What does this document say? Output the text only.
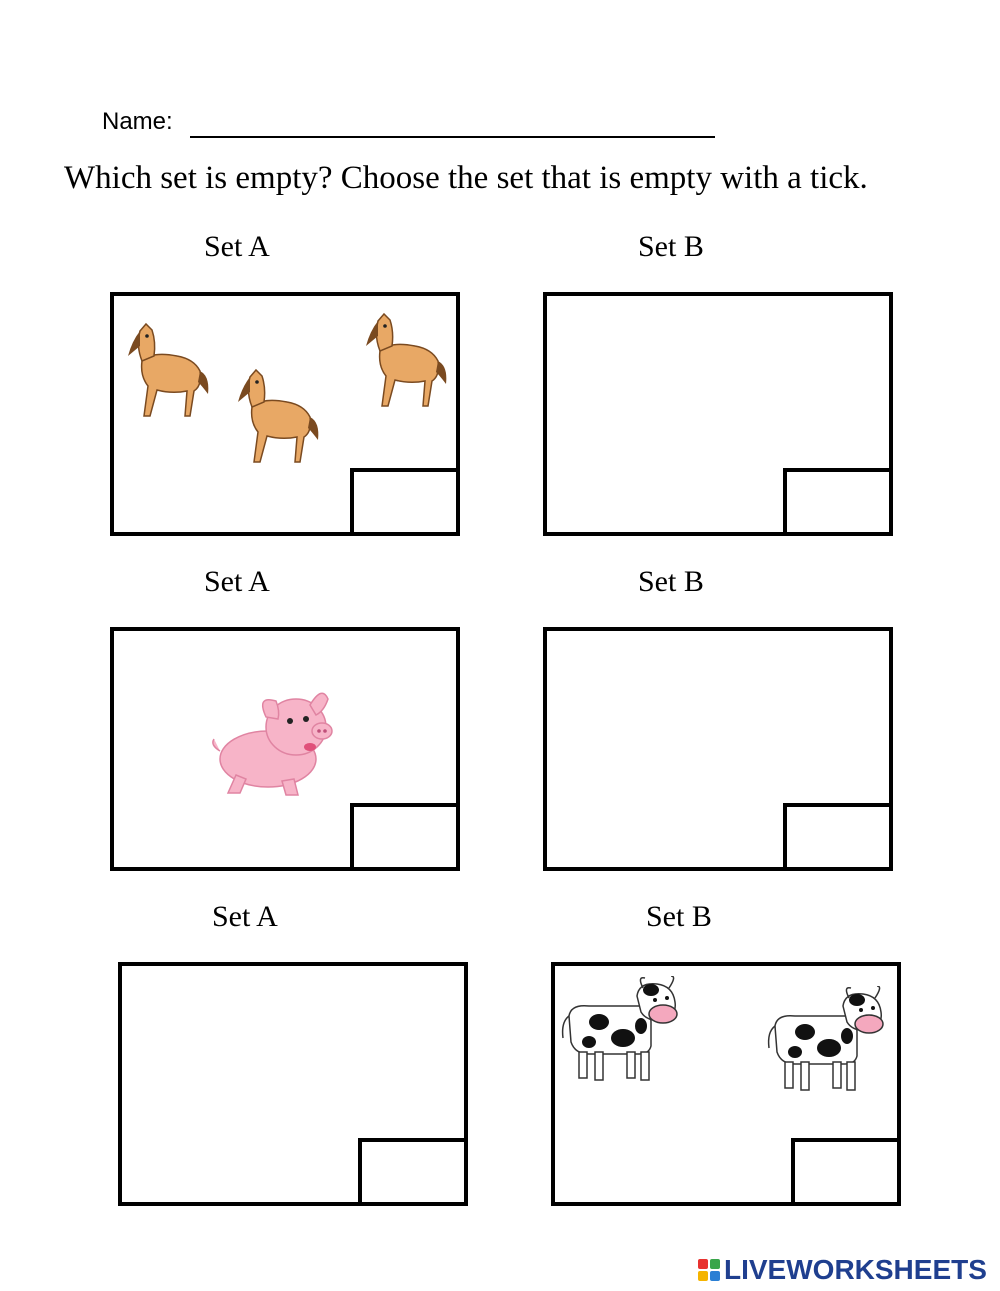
Name:
Which set is empty? Choose the set that is empty with a tick.
Set A	Set B
Set A	Set B
Set A	Set B
LIVEWORKSHEETS
